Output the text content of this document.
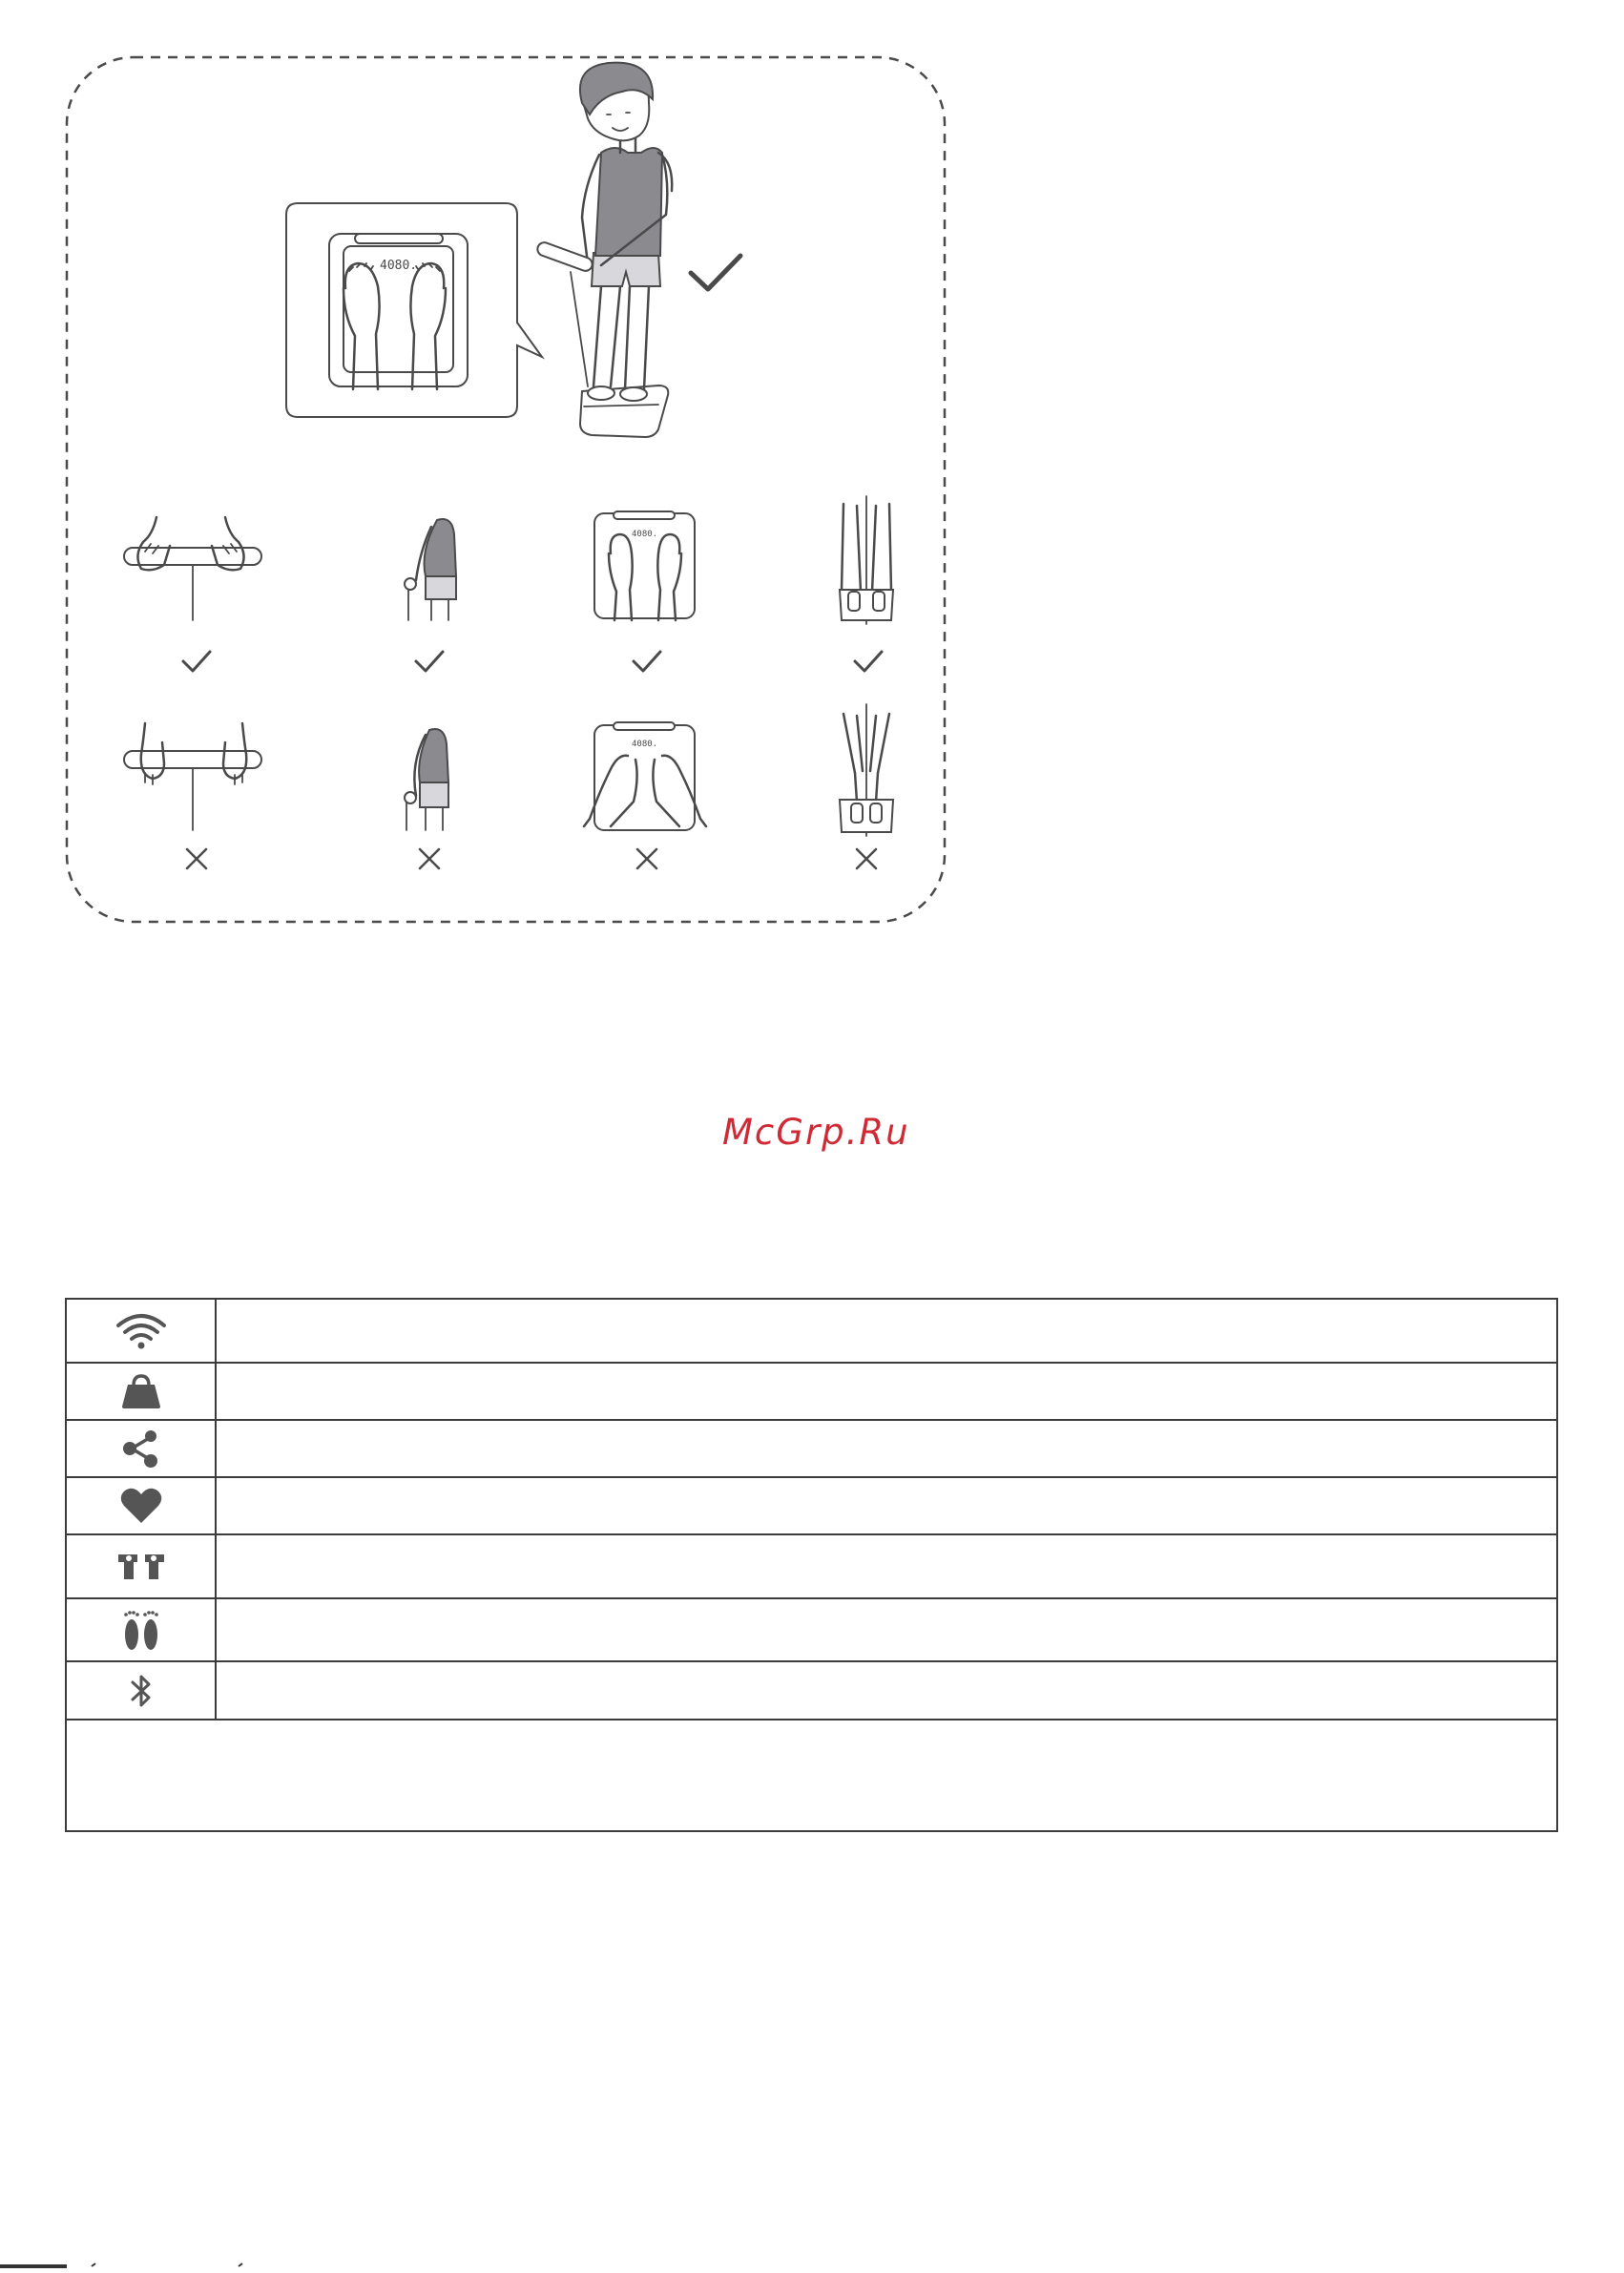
4080.
4080.
4080.
McGrp.Ru
